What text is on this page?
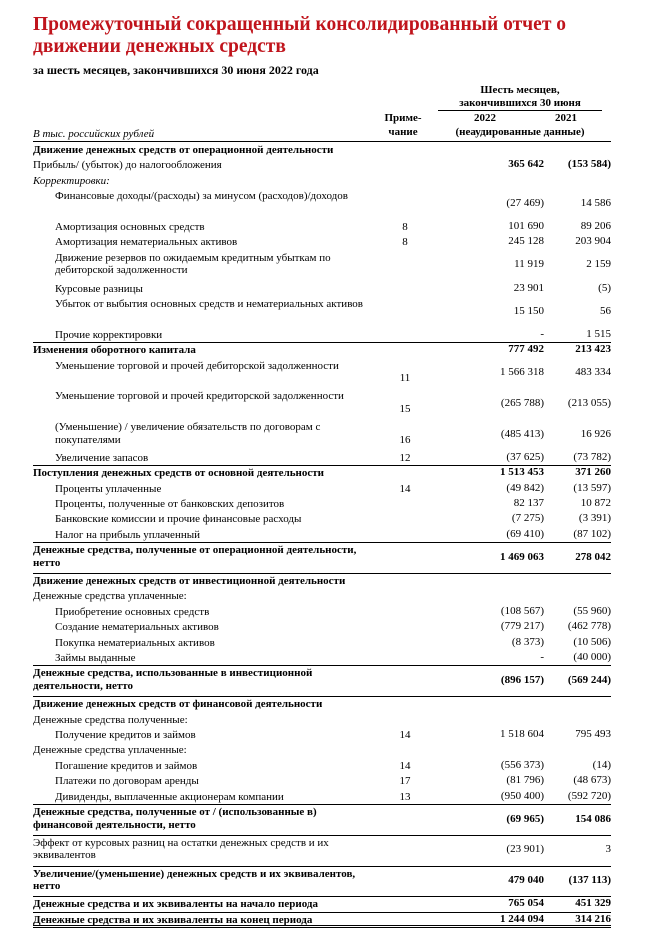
Промежуточный сокращенный консолидированный отчет о движении денежных средств
за шесть месяцев, закончившихся 30 июня 2022 года
Шесть месяцев,
закончившихся 30 июня
2022	2021
(неаудированные данные)
Приме-
чание
В тыс. российских рублей
Движение денежных средств от операционной деятельности
Прибыль/ (убыток) до налогообложения	365 642	(153 584)
Корректировки:
Финансовые доходы/(расходы) за минусом (расходов)/доходов
(27 469)	14 586
Амортизация основных средств	8	101 690	89 206
Амортизация нематериальных активов	8	245 128	203 904
Движение резервов по ожидаемым кредитным убыткам по дебиторской задолженности	11 919	2 159
Курсовые разницы	23 901	(5)
Убыток от выбытия основных средств и нематериальных активов
15 150	56
Прочие корректировки	-	1 515
Изменения оборотного капитала	777 492	213 423
Уменьшение торговой и прочей дебиторской задолженности
11	1 566 318	483 334
Уменьшение торговой и прочей кредиторской задолженности
15	(265 788)	(213 055)
(Уменьшение) / увеличение обязательств по договорам с покупателями	16	(485 413)	16 926
Увеличение запасов	12	(37 625)	(73 782)
Поступления денежных средств от основной деятельности	1 513 453	371 260
Проценты уплаченные	14	(49 842)	(13 597)
Проценты, полученные от банковских депозитов	82 137	10 872
Банковские комиссии и прочие финансовые расходы	(7 275)	(3 391)
Налог на прибыль уплаченный	(69 410)	(87 102)
Денежные средства, полученные от операционной деятельности, нетто	1 469 063	278 042
Движение денежных средств от инвестиционной деятельности
Денежные средства уплаченные:
Приобретение основных средств	(108 567)	(55 960)
Создание нематериальных активов	(779 217)	(462 778)
Покупка нематериальных активов	(8 373)	(10 506)
Займы выданные	-	(40 000)
Денежные средства, использованные в инвестиционной деятельности, нетто	(896 157)	(569 244)
Движение денежных средств от финансовой деятельности
Денежные средства полученные:
Получение кредитов и займов	14	1 518 604	795 493
Денежные средства уплаченные:
Погашение кредитов и займов	14	(556 373)	(14)
Платежи по договорам аренды	17	(81 796)	(48 673)
Дивиденды, выплаченные акционерам компании	13	(950 400)	(592 720)
Денежные средства, полученные от / (использованные в) финансовой деятельности, нетто	(69 965)	154 086
Эффект от курсовых разниц на остатки денежных средств и их эквивалентов	(23 901)	3
Увеличение/(уменьшение) денежных средств и их эквивалентов, нетто	479 040	(137 113)
Денежные средства и их эквиваленты на начало периода	765 054	451 329
Денежные средства и их эквиваленты на конец периода	1 244 094	314 216
